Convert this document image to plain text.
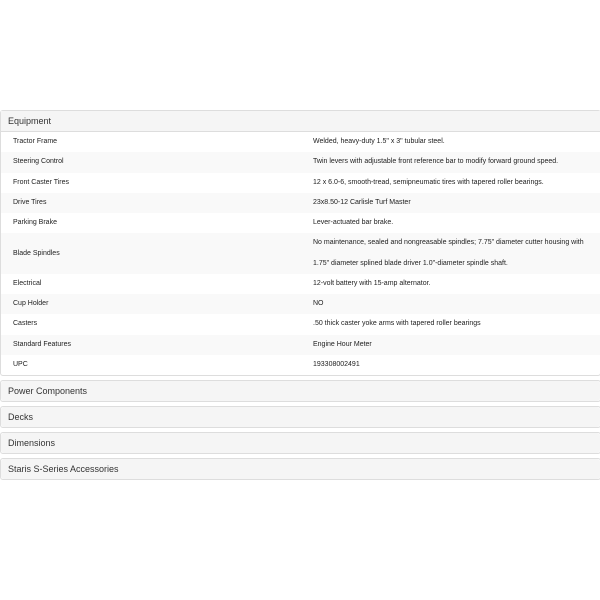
Equipment
Tractor Frame	Welded, heavy-duty 1.5" x 3" tubular steel.
Steering Control	Twin levers with adjustable front reference bar to modify forward ground speed.
Front Caster Tires	12 x 6.0-6, smooth-tread, semipneumatic tires with tapered roller bearings.
Drive Tires	23x8.50-12 Carlisle Turf Master
Parking Brake	Lever-actuated bar brake.
Blade Spindles	No maintenance, sealed and nongreasable spindles; 7.75" diameter cutter housing with 1.75" diameter splined blade driver 1.0"-diameter spindle shaft.
Electrical	12-volt battery with 15-amp alternator.
Cup Holder	NO
Casters	.50 thick caster yoke arms with tapered roller bearings
Standard Features	Engine Hour Meter
UPC	193308002491
Power Components
Decks
Dimensions
Staris S-Series Accessories
